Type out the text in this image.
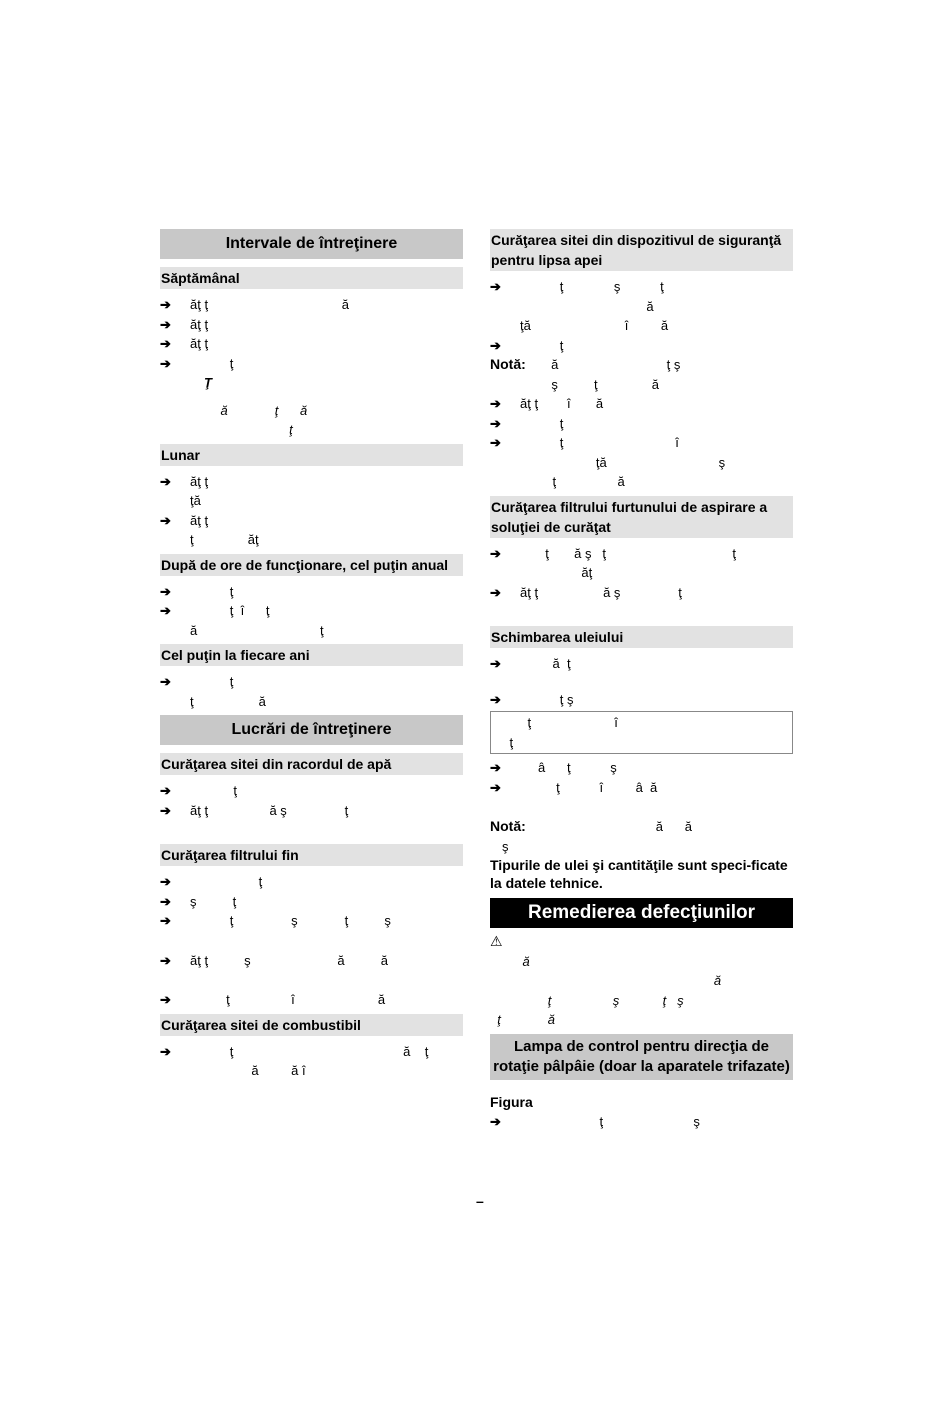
Intervale de întreţinere
Săptămânal
➔ ăţ ţ                                     ă
➔ ăţ ţ
➔ ăţ ţ
➔ ţ
Ţ
ă             ţ      ă
ţ
Lunar
➔ ăţ ţ
ţă
➔ ăţ ţ
ţ               ăţ
După de ore de funcţionare, cel puţin anual
➔ ţ
➔ ţ  î      ţ
ă                                  ţ
Cel puţin la fiecare ani
➔ ţ
ţ                  ă
Lucrări de întreţinere
Curăţarea sitei din racordul de apă
➔ ţ
➔ ăţ ţ                 ă ş                ţ
Curăţarea filtrului fin
➔ ţ
➔ ş          ţ
➔ ţ                ş             ţ          ş
➔ ăţ ţ          ş                        ă          ă
➔ ţ                 î                       ă
Curăţarea sitei de combustibil
➔ ţ                                               ă    ţ
ă         ă î
Curăţarea sitei din dispozitivul de siguranţă pentru lipsa apei
➔ ţ              ş           ţ
ă
ţă                          î         ă
➔ ţ
Notă:       ă                              ţ ş
ş          ţ               ă
➔ ăţ ţ        î       ă
➔ ţ
➔ ţ                               î
ţă                               ş
ţ                 ă
Curăţarea filtrului furtunului de aspirare a soluţiei de curăţat
➔ ţ       ă ş   ţ                                   ţ
ăţ
➔ ăţ ţ                  ă ş                ţ
Schimbarea uleiului
➔ ă  ţ
➔ ţ ş
ţ                       î
ţ
➔ â      ţ           ş
➔ ţ           î         â  ă
Notă:                                    ă      ă
ş
Tipurile de ulei şi cantităţile sunt speci-ficate la datele tehnice.
Remedierea defecţiunilor
⚠
ă
ă
ţ                 ş            ţ   ş
ţ             ă
Lampa de control pentru direcţia de rotaţie pâlpâie (doar la aparatele trifazate)
Figura
➔ ţ                         ş
–
